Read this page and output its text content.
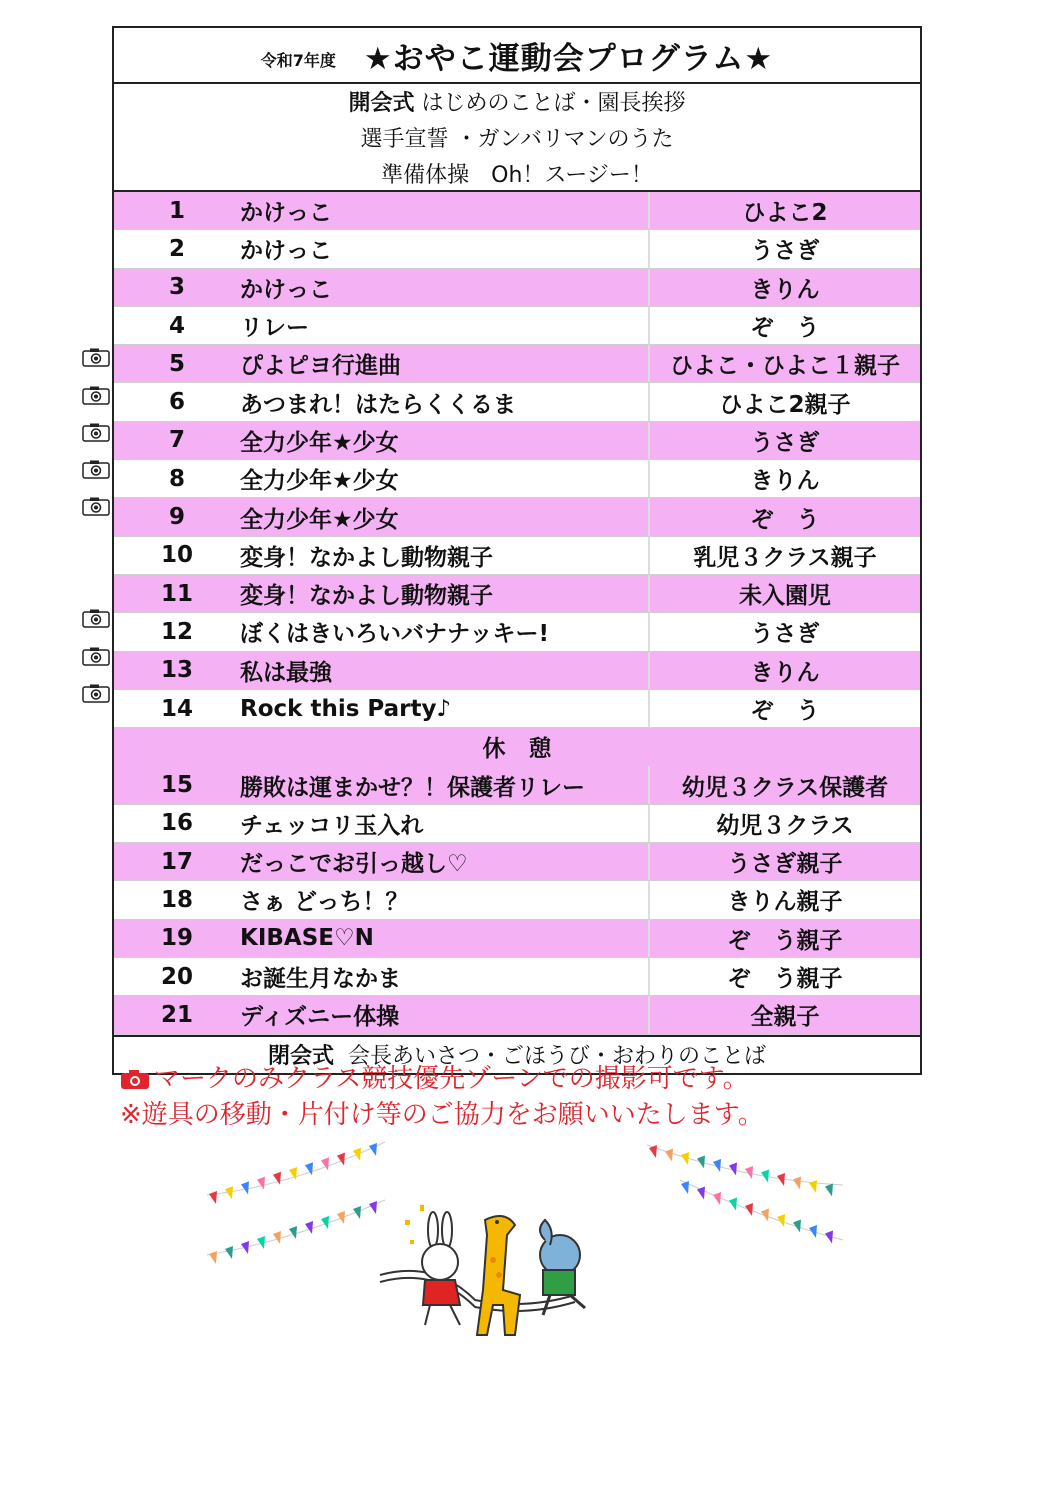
令和7年度 ★おやこ運動会プログラム★
開会式 はじめのことば・園長挨拶
選手宣誓 ・ガンバリマンのうた
準備体操　Oh！スージー！
1	かけっこ	ひよこ2
2	かけっこ	うさぎ
3	かけっこ	きりん
4	リレー	ぞ　う
5	ぴよピヨ行進曲	ひよこ・ひよこ１親子
6	あつまれ！はたらくくるま	ひよこ2親子
7	全力少年★少女	うさぎ
8	全力少年★少女	きりん
9	全力少年★少女	ぞ　う
10	変身！なかよし動物親子	乳児３クラス親子
11	変身！なかよし動物親子	未入園児
12	ぼくはきいろいバナナッキー!	うさぎ
13	私は最強	きりん
14	Rock this Party♪	ぞ　う
休　憩
15	勝敗は運まかせ？！保護者リレー	幼児３クラス保護者
16	チェッコリ玉入れ	幼児３クラス
17	だっこでお引っ越し♡	うさぎ親子
18	さぁ どっち！？	きりん親子
19	KIBASE♡N	ぞ　う親子
20	お誕生月なかま	ぞ　う親子
21	ディズニー体操	全親子
閉会式 会長あいさつ・ごほうび・おわりのことば
マークのみクラス競技優先ゾーンでの撮影可です。
※遊具の移動・片付け等のご協力をお願いいたします。
